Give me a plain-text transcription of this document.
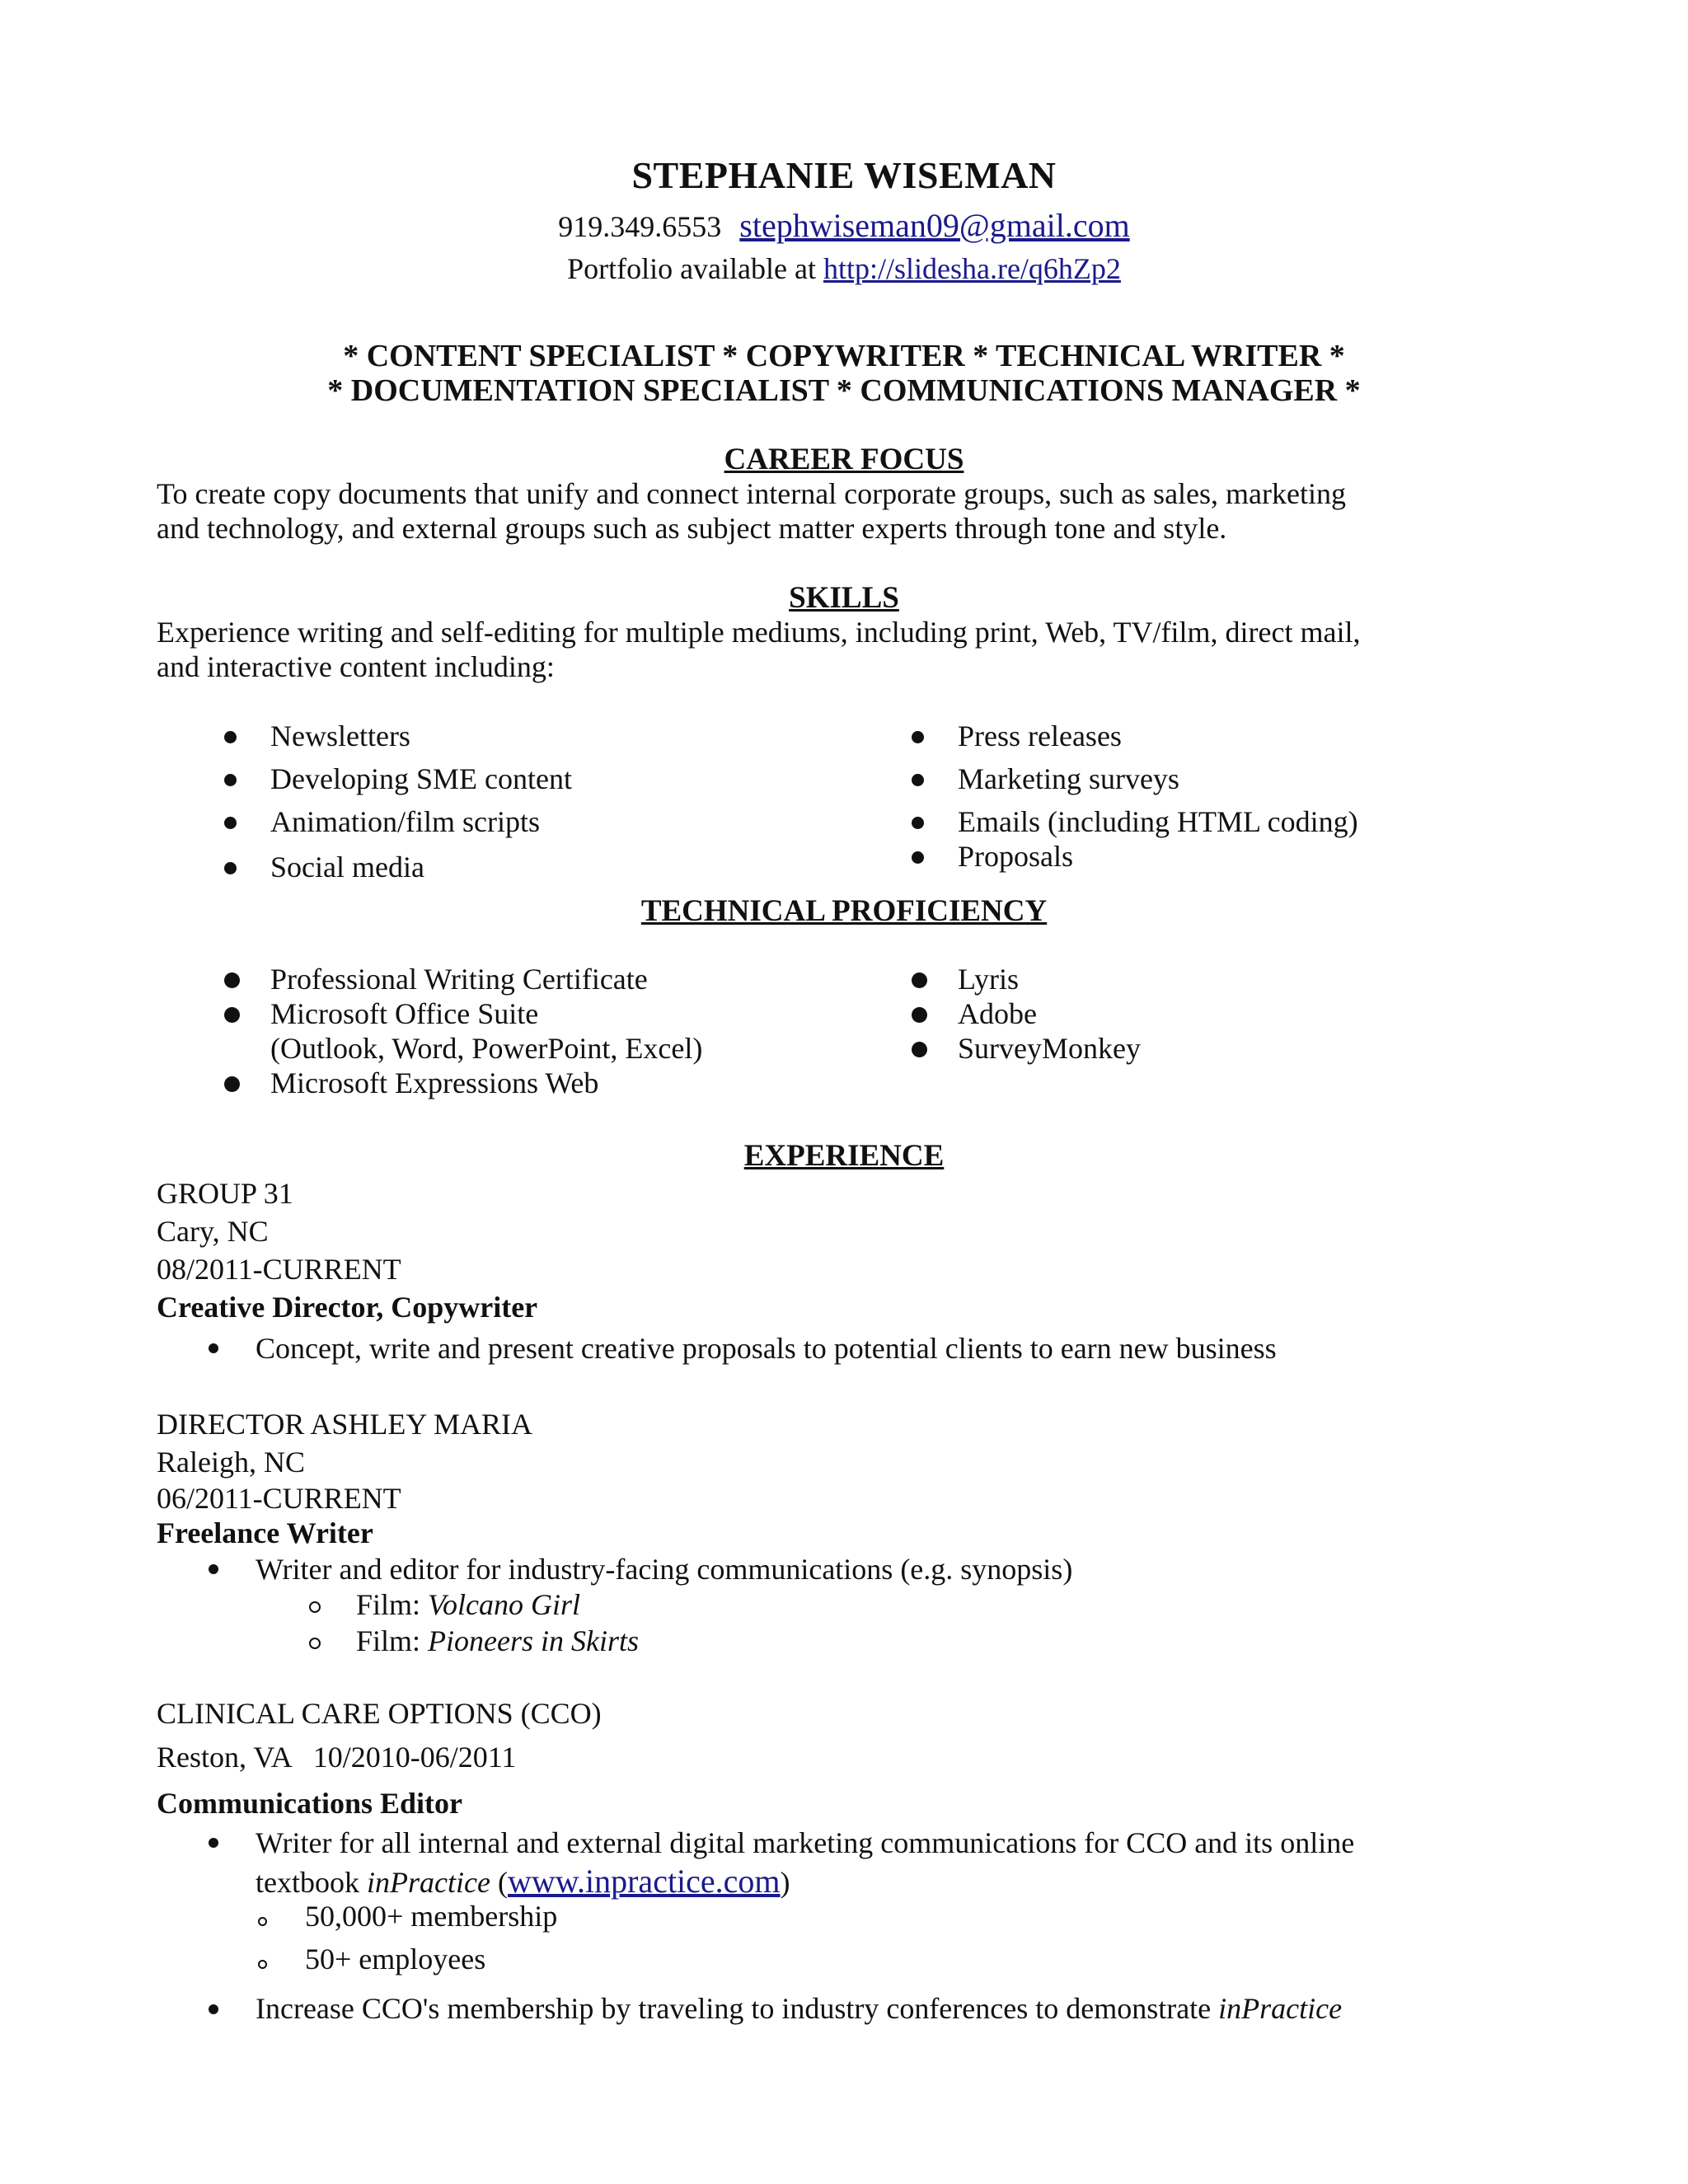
STEPHANIE WISEMAN
919.349.6553 stephwiseman09@gmail.com
Portfolio available at http://slidesha.re/q6hZp2
* CONTENT SPECIALIST * COPYWRITER * TECHNICAL WRITER *
* DOCUMENTATION SPECIALIST * COMMUNICATIONS MANAGER *
CAREER FOCUS
To create copy documents that unify and connect internal corporate groups, such as sales, marketing
and technology, and external groups such as subject matter experts through tone and style.
SKILLS
Experience writing and self-editing for multiple mediums, including print, Web, TV/film, direct mail,
and interactive content including:
Newsletters
Developing SME content
Animation/film scripts
Social media
Press releases
Marketing surveys
Emails (including HTML coding)
Proposals
TECHNICAL PROFICIENCY
Professional Writing Certificate
Microsoft Office Suite
(Outlook, Word, PowerPoint, Excel)
Microsoft Expressions Web
Lyris
Adobe
SurveyMonkey
EXPERIENCE
GROUP 31
Cary, NC
08/2011-CURRENT
Creative Director, Copywriter
Concept, write and present creative proposals to potential clients to earn new business
DIRECTOR ASHLEY MARIA
Raleigh, NC
06/2011-CURRENT
Freelance Writer
Writer and editor for industry-facing communications (e.g. synopsis)
Film: Volcano Girl
Film: Pioneers in Skirts
CLINICAL CARE OPTIONS (CCO)
Reston, VA   10/2010-06/2011
Communications Editor
Writer for all internal and external digital marketing communications for CCO and its online
textbook inPractice (www.inpractice.com)
50,000+ membership
50+ employees
Increase CCO's membership by traveling to industry conferences to demonstrate inPractice
